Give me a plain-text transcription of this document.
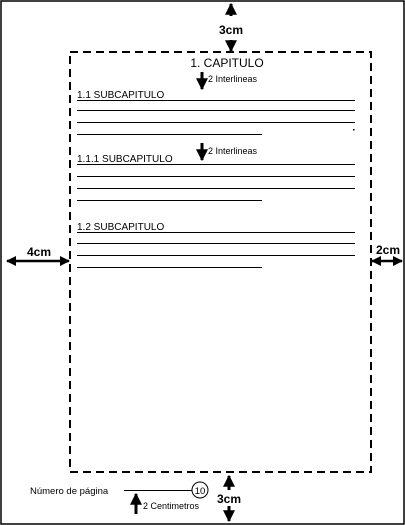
3cm
4cm	2cm
3cm
1. CAPITULO
2 Interlineas
1.1 SUBCAPITULO
2 Interlineas
1.1.1 SUBCAPITULO
1.2 SUBCAPITULO
Número de página	10
2 Centimetros
